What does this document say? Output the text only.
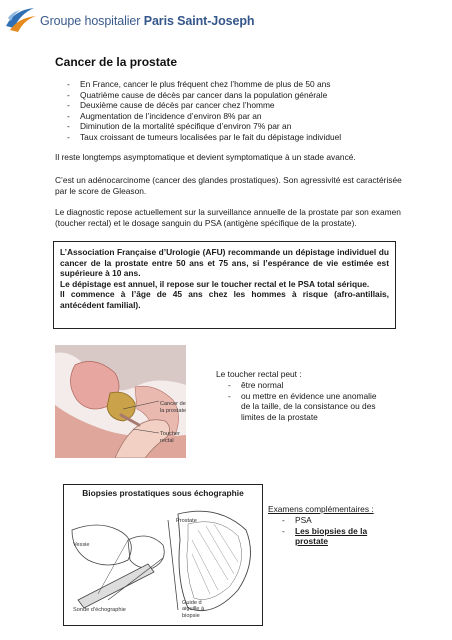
Groupe hospitalier Paris Saint-Joseph
Cancer de la prostate
- En France, cancer le plus fréquent chez l’homme de plus de 50 ans
- Quatrième cause de décès par cancer dans la population générale
- Deuxième cause de décès par cancer chez l’homme
- Augmentation de l’incidence d’environ 8% par an
- Diminution de la mortalité spécifique d’environ 7% par an
- Taux croissant de tumeurs localisées par le fait du dépistage individuel

Il reste longtemps asymptomatique et devient symptomatique à un stade avancé.

C’est un adénocarcinome (cancer des glandes prostatiques). Son agressivité est caractérisée par le score de Gleason.

Le diagnostic repose actuellement sur la surveillance annuelle de la prostate par son examen (toucher rectal) et le dosage sanguin du PSA (antigène spécifique de la prostate).

L’Association Française d’Urologie (AFU) recommande un dépistage individuel du cancer de la prostate entre 50 ans et 75 ans, si l’espérance de vie estimée est supérieure à 10 ans.

Le dépistage est annuel, il repose sur le toucher rectal et le PSA total sérique.

Il commence à l’âge de 45 ans chez les hommes à risque (afro-antillais, antécédent familial).

Cancer de
la prostate
Toucher
rectal
Le toucher rectal peut :
- être normal
- ou mettre en évidence une anomalie de la taille, de la consistance ou des limites de la prostate
Biopsies prostatiques sous échographie
Prostate
Vessie
Sonde d’échographie
Guide d
aiguille à
biopsie
Examens complémentaires :
- PSA
- Les biopsies de la prostate
